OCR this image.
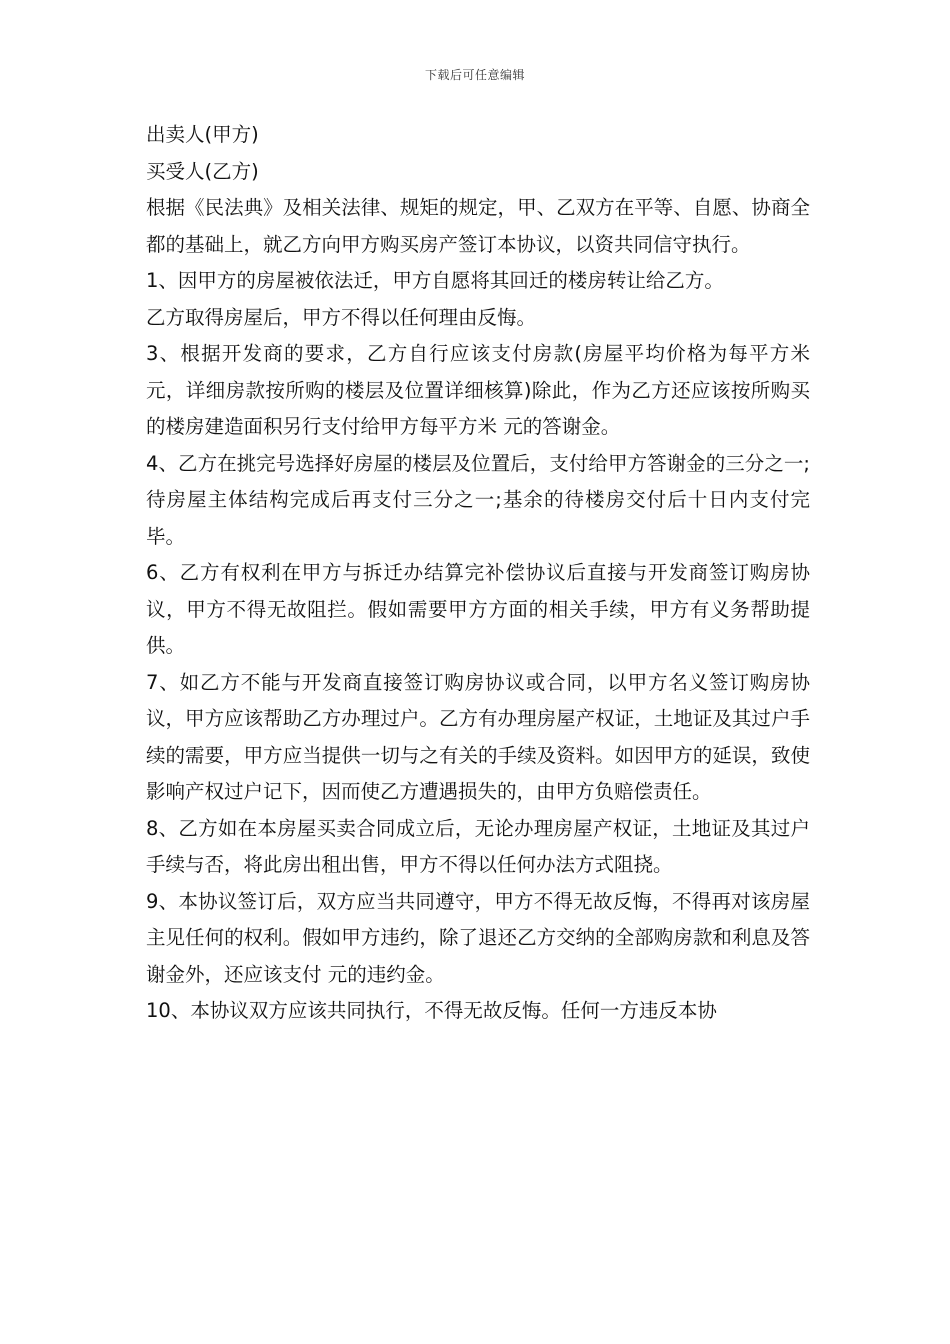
下载后可任意编辑

出卖人(甲方)

买受人(乙方)

根据《民法典》及相关法律、规矩的规定，甲、乙双方在平等、自愿、协商全都的基础上，就乙方向甲方购买房产签订本协议，以资共同信守执行。

1、因甲方的房屋被依法迁，甲方自愿将其回迁的楼房转让给乙方。

乙方取得房屋后，甲方不得以任何理由反悔。

3、根据开发商的要求，乙方自行应该支付房款(房屋平均价格为每平方米 元，详细房款按所购的楼层及位置详细核算)除此，作为乙方还应该按所购买的楼房建造面积另行支付给甲方每平方米 元的答谢金。

4、乙方在挑完号选择好房屋的楼层及位置后，支付给甲方答谢金的三分之一;待房屋主体结构完成后再支付三分之一;基余的待楼房交付后十日内支付完毕。

6、乙方有权利在甲方与拆迁办结算完补偿协议后直接与开发商签订购房协议，甲方不得无故阻拦。假如需要甲方方面的相关手续，甲方有义务帮助提供。

7、如乙方不能与开发商直接签订购房协议或合同，以甲方名义签订购房协议，甲方应该帮助乙方办理过户。乙方有办理房屋产权证，土地证及其过户手续的需要，甲方应当提供一切与之有关的手续及资料。如因甲方的延误，致使影响产权过户记下，因而使乙方遭遇损失的，由甲方负赔偿责任。

8、乙方如在本房屋买卖合同成立后，无论办理房屋产权证，土地证及其过户手续与否，将此房出租出售，甲方不得以任何办法方式阻挠。

9、本协议签订后，双方应当共同遵守，甲方不得无故反悔，不得再对该房屋主见任何的权利。假如甲方违约，除了退还乙方交纳的全部购房款和利息及答谢金外，还应该支付 元的违约金。

10、本协议双方应该共同执行，不得无故反悔。任何一方违反本协
